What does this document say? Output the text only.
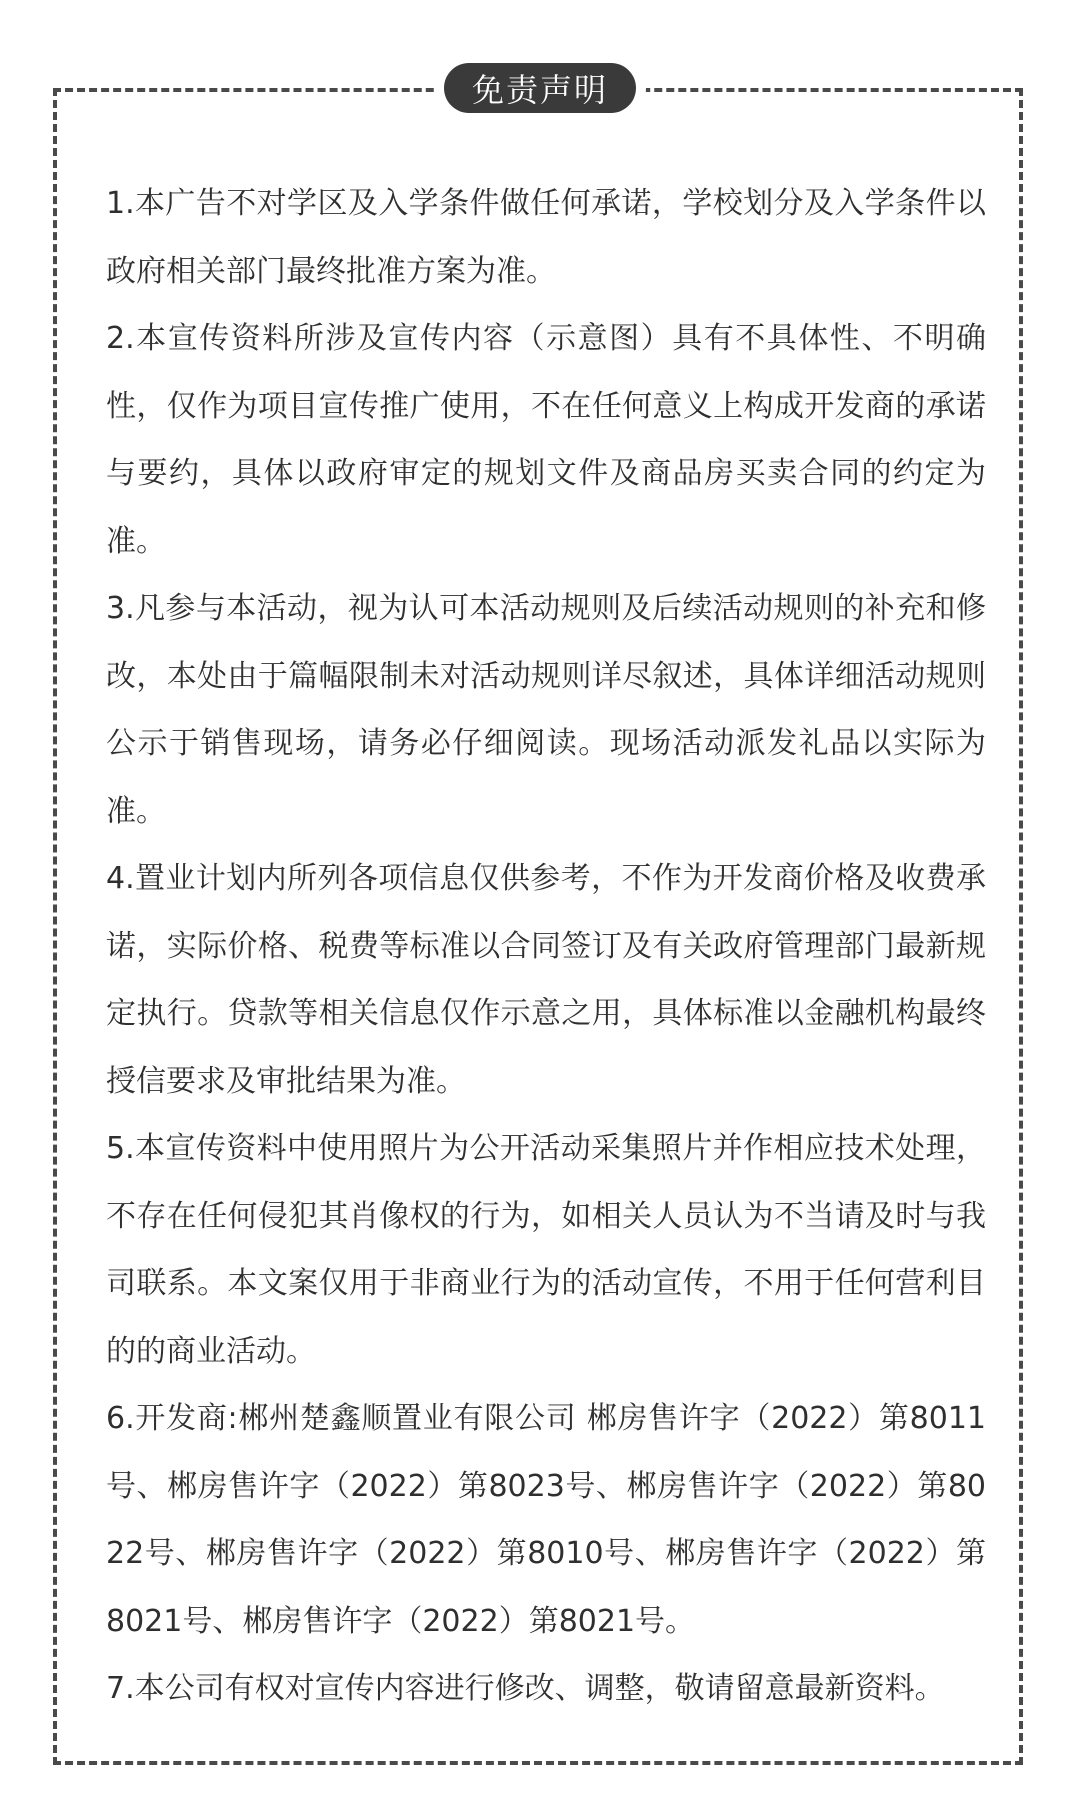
免责声明

1.本广告不对学区及入学条件做任何承诺，学校划分及入学条件以政府相关部门最终批准方案为准。

2.本宣传资料所涉及宣传内容（示意图）具有不具体性、不明确性，仅作为项目宣传推广使用，不在任何意义上构成开发商的承诺与要约，具体以政府审定的规划文件及商品房买卖合同的约定为准。

3.凡参与本活动，视为认可本活动规则及后续活动规则的补充和修改，本处由于篇幅限制未对活动规则详尽叙述，具体详细活动规则公示于销售现场，请务必仔细阅读。现场活动派发礼品以实际为准。

4.置业计划内所列各项信息仅供参考，不作为开发商价格及收费承诺，实际价格、税费等标准以合同签订及有关政府管理部门最新规定执行。贷款等相关信息仅作示意之用，具体标准以金融机构最终授信要求及审批结果为准。

5.本宣传资料中使用照片为公开活动采集照片并作相应技术处理，不存在任何侵犯其肖像权的行为，如相关人员认为不当请及时与我司联系。本文案仅用于非商业行为的活动宣传，不用于任何营利目的的商业活动。

6.开发商:郴州楚鑫顺置业有限公司 郴房售许字（2022）第8011号、郴房售许字（2022）第8023号、郴房售许字（2022）第8022号、郴房售许字（2022）第8010号、郴房售许字（2022）第8021号、郴房售许字（2022）第8021号。

7.本公司有权对宣传内容进行修改、调整，敬请留意最新资料。
